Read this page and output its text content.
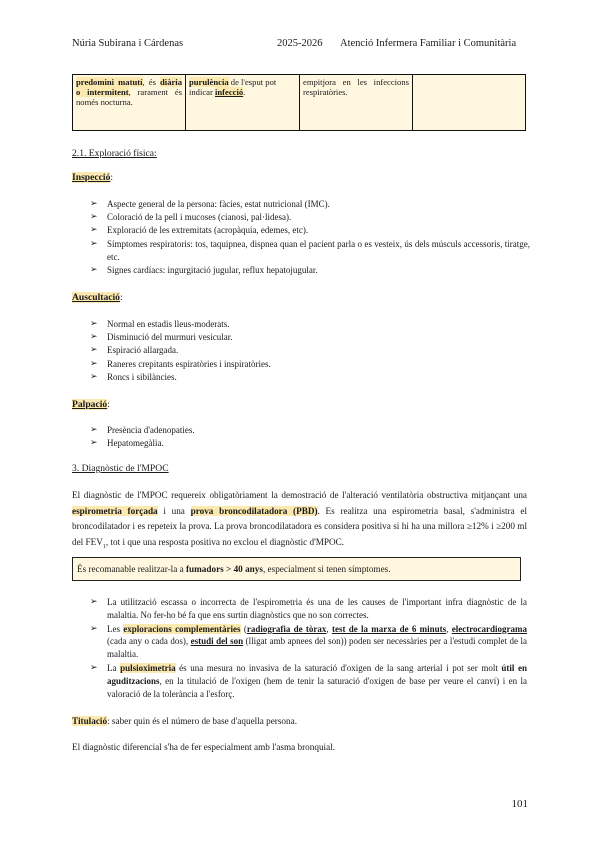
Núria Subirana i Cárdenas	2025-2026 Atenció Infermera Familiar i Comunitària
predomini matutí, és diària o intermitent, rarament és només nocturna.	purulència de l'esput pot indicar infecció.	empitjora en les infeccions respiratòries.	
2.1. Exploració física:
Inspecció:
➢ Aspecte general de la persona: fàcies, estat nutricional (IMC).
➢ Coloració de la pell i mucoses (cianosi, pal·lidesa).
➢ Exploració de les extremitats (acropàquia, edemes, etc).
➢ Símptomes respiratoris: tos, taquipnea, dispnea quan el pacient parla o es vesteix, ús dels músculs accessoris, tiratge, etc.
➢ Signes cardíacs: ingurgitació jugular, reflux hepatojugular.
Auscultació:
➢ Normal en estadis lleus-moderats.
➢ Disminució del murmuri vesicular.
➢ Espiració allargada.
➢ Raneres crepitants espiratòries i inspiratòries.
➢ Roncs i sibilàncies.
Palpació:
➢ Presència d'adenopaties.
➢ Hepatomegàlia.
3. Diagnòstic de l'MPOC
El diagnòstic de l'MPOC requereix obligatòriament la demostració de l'alteració ventilatòria obstructiva mitjançant una espirometria forçada i una prova broncodilatadora (PBD). Es realitza una espirometria basal, s'administra el broncodilatador i es repeteix la prova. La prova broncodilatadora es considera positiva si hi ha una millora ≥12% i ≥200 ml del $FEV_1$, tot i que una resposta positiva no exclou el diagnòstic d'MPOC.
És recomanable realitzar-la a fumadors > 40 anys, especialment si tenen símptomes.
➢ La utilització escassa o incorrecta de l'espirometria és una de les causes de l'important infra diagnòstic de la malaltia. No fer-ho bé fa que ens surtin diagnòstics que no son correctes.
➢ Les exploracions complementàries (radiografia de tòrax, test de la marxa de 6 minuts, electrocardiograma (cada any o cada dos), estudi del son (lligat amb apnees del son)) poden ser necessàries per a l'estudi complet de la malaltia.
➢ La pulsioximetria és una mesura no invasiva de la saturació d'oxigen de la sang arterial i pot ser molt útil en aguditzacions, en la titulació de l'oxigen (hem de tenir la saturació d'oxigen de base per veure el canvi) i en la valoració de la tolerància a l'esforç.
Titulació: saber quin és el número de base d'aquella persona.
El diagnòstic diferencial s'ha de fer especialment amb l'asma bronquial.
101
